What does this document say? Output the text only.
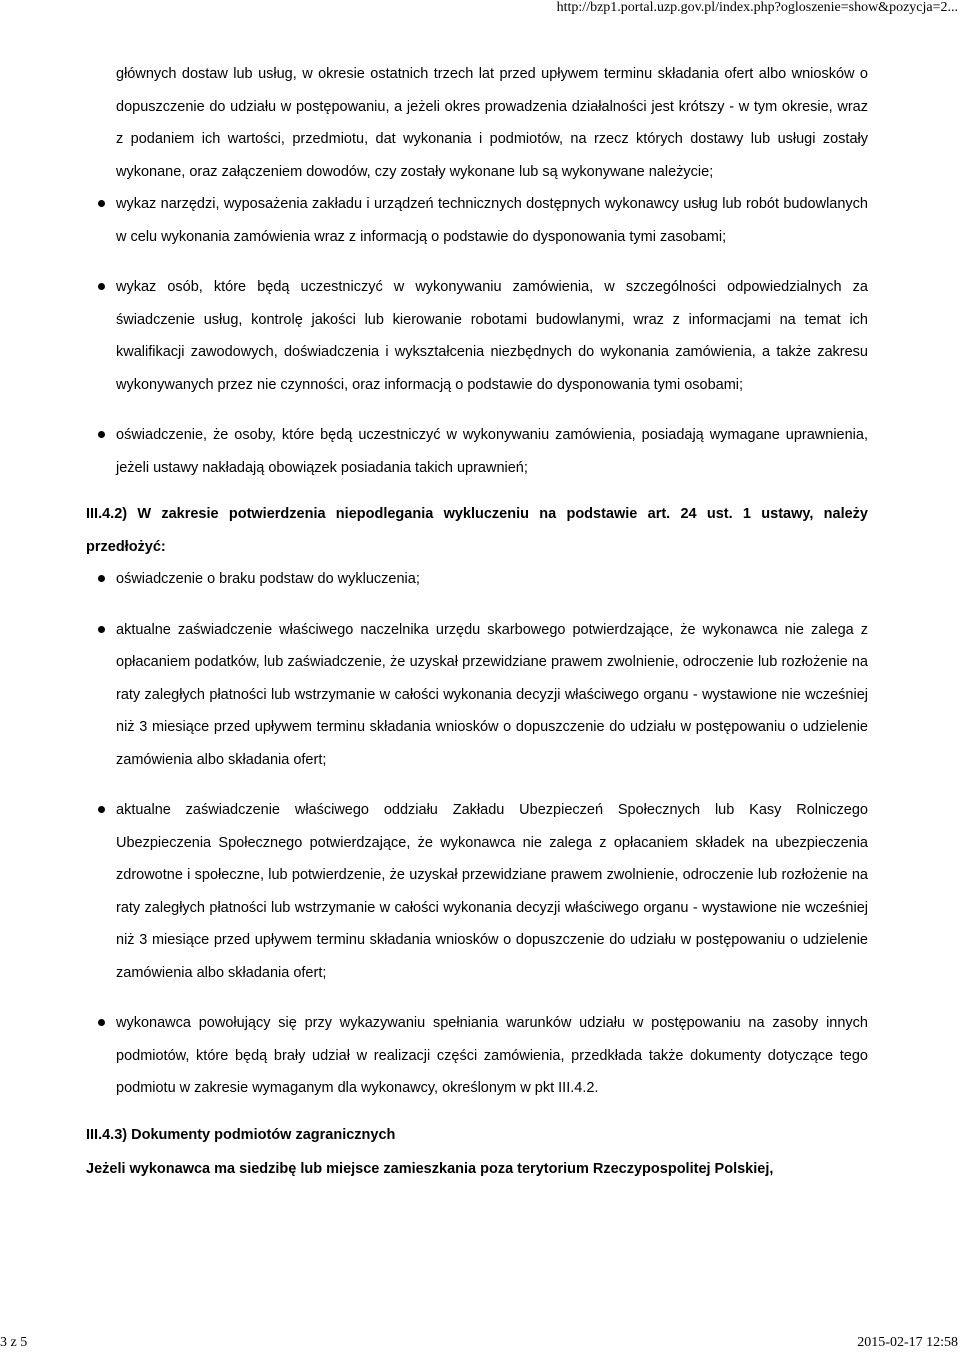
http://bzp1.portal.uzp.gov.pl/index.php?ogloszenie=show&pozycja=2...

głównych dostaw lub usług, w okresie ostatnich trzech lat przed upływem terminu składania ofert albo wniosków o dopuszczenie do udziału w postępowaniu, a jeżeli okres prowadzenia działalności jest krótszy - w tym okresie, wraz z podaniem ich wartości, przedmiotu, dat wykonania i podmiotów, na rzecz których dostawy lub usługi zostały wykonane, oraz załączeniem dowodów, czy zostały wykonane lub są wykonywane należycie;

wykaz narzędzi, wyposażenia zakładu i urządzeń technicznych dostępnych wykonawcy usług lub robót budowlanych w celu wykonania zamówienia wraz z informacją o podstawie do dysponowania tymi zasobami;
wykaz osób, które będą uczestniczyć w wykonywaniu zamówienia, w szczególności odpowiedzialnych za świadczenie usług, kontrolę jakości lub kierowanie robotami budowlanymi, wraz z informacjami na temat ich kwalifikacji zawodowych, doświadczenia i wykształcenia niezbędnych do wykonania zamówienia, a także zakresu wykonywanych przez nie czynności, oraz informacją o podstawie do dysponowania tymi osobami;
oświadczenie, że osoby, które będą uczestniczyć w wykonywaniu zamówienia, posiadają wymagane uprawnienia, jeżeli ustawy nakładają obowiązek posiadania takich uprawnień;

III.4.2) W zakresie potwierdzenia niepodlegania wykluczeniu na podstawie art. 24 ust. 1 ustawy, należy przedłożyć:

oświadczenie o braku podstaw do wykluczenia;
aktualne zaświadczenie właściwego naczelnika urzędu skarbowego potwierdzające, że wykonawca nie zalega z opłacaniem podatków, lub zaświadczenie, że uzyskał przewidziane prawem zwolnienie, odroczenie lub rozłożenie na raty zaległych płatności lub wstrzymanie w całości wykonania decyzji właściwego organu - wystawione nie wcześniej niż 3 miesiące przed upływem terminu składania wniosków o dopuszczenie do udziału w postępowaniu o udzielenie zamówienia albo składania ofert;
aktualne zaświadczenie właściwego oddziału Zakładu Ubezpieczeń Społecznych lub Kasy Rolniczego Ubezpieczenia Społecznego potwierdzające, że wykonawca nie zalega z opłacaniem składek na ubezpieczenia zdrowotne i społeczne, lub potwierdzenie, że uzyskał przewidziane prawem zwolnienie, odroczenie lub rozłożenie na raty zaległych płatności lub wstrzymanie w całości wykonania decyzji właściwego organu - wystawione nie wcześniej niż 3 miesiące przed upływem terminu składania wniosków o dopuszczenie do udziału w postępowaniu o udzielenie zamówienia albo składania ofert;
wykonawca powołujący się przy wykazywaniu spełniania warunków udziału w postępowaniu na zasoby innych podmiotów, które będą brały udział w realizacji części zamówienia, przedkłada także dokumenty dotyczące tego podmiotu w zakresie wymaganym dla wykonawcy, określonym w pkt III.4.2.

III.4.3) Dokumenty podmiotów zagranicznych

Jeżeli wykonawca ma siedzibę lub miejsce zamieszkania poza terytorium Rzeczypospolitej Polskiej,

3 z 5	2015-02-17 12:58
